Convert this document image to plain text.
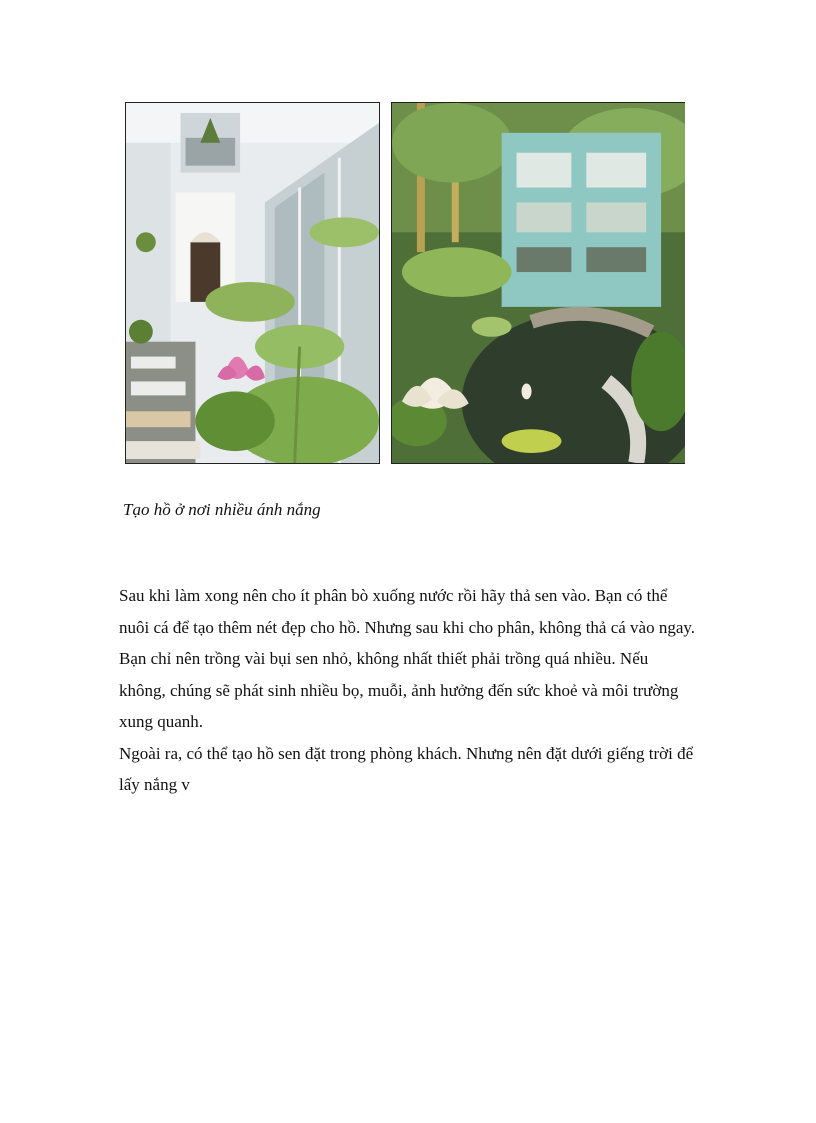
Tạo hồ ở nơi nhiều ánh nắng

Sau khi làm xong nên cho ít phân bò xuống nước rồi hãy thả sen vào. Bạn có thể nuôi cá để tạo thêm nét đẹp cho hồ. Nhưng sau khi cho phân, không thả cá vào ngay. Bạn chỉ nên trồng vài bụi sen nhỏ, không nhất thiết phải trồng quá nhiều. Nếu không, chúng sẽ phát sinh nhiều bọ, muỗi, ảnh hưởng đến sức khoẻ và môi trường xung quanh.

Ngoài ra, có thể tạo hồ sen đặt trong phòng khách. Nhưng nên đặt dưới giếng trời để lấy nắng v
